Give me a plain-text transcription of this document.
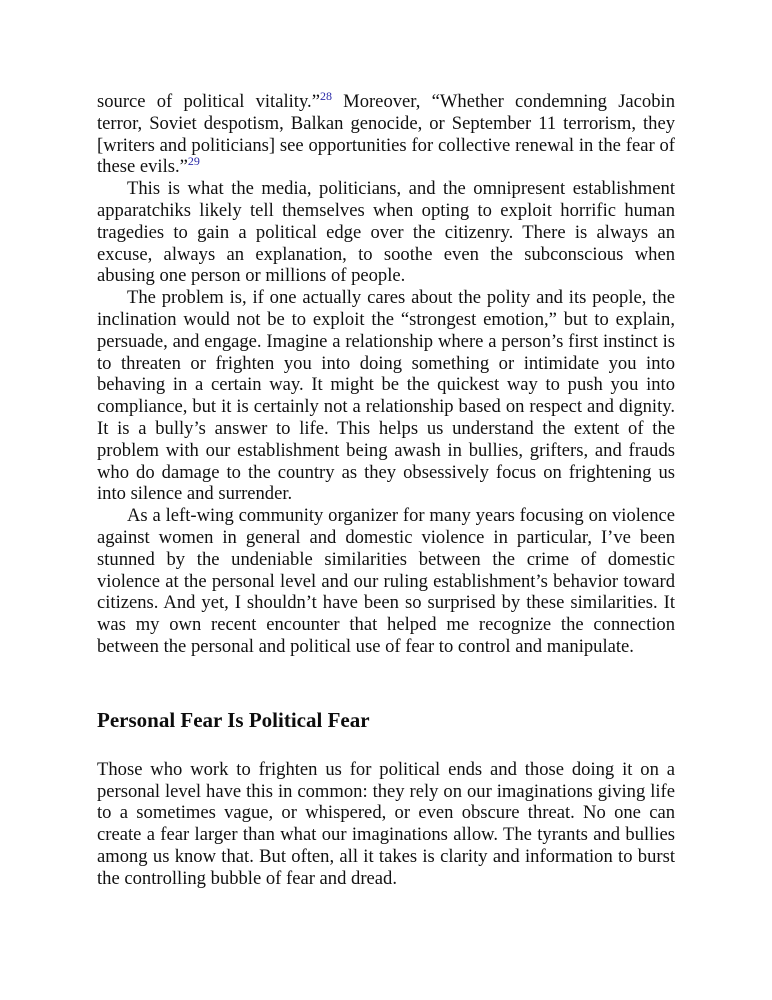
source of political vitality.”$^{28}$ Moreover, “Whether condemning Jacobin terror, Soviet despotism, Balkan genocide, or September 11 terrorism, they [writers and politicians] see opportunities for collective renewal in the fear of these evils.”$^{29}$

This is what the media, politicians, and the omnipresent establishment apparatchiks likely tell themselves when opting to exploit horrific human tragedies to gain a political edge over the citizenry. There is always an excuse, always an explanation, to soothe even the subconscious when abusing one person or millions of people.

The problem is, if one actually cares about the polity and its people, the inclination would not be to exploit the “strongest emotion,” but to explain, persuade, and engage. Imagine a relationship where a person’s first instinct is to threaten or frighten you into doing something or intimidate you into behaving in a certain way. It might be the quickest way to push you into compliance, but it is certainly not a relationship based on respect and dignity. It is a bully’s answer to life. This helps us understand the extent of the problem with our establishment being awash in bullies, grifters, and frauds who do damage to the country as they obsessively focus on frightening us into silence and surrender.

As a left-wing community organizer for many years focusing on violence against women in general and domestic violence in particular, I’ve been stunned by the undeniable similarities between the crime of domestic violence at the personal level and our ruling establishment’s behavior toward citizens. And yet, I shouldn’t have been so surprised by these similarities. It was my own recent encounter that helped me recognize the connection between the personal and political use of fear to control and manipulate.

Personal Fear Is Political Fear

Those who work to frighten us for political ends and those doing it on a personal level have this in common: they rely on our imaginations giving life to a sometimes vague, or whispered, or even obscure threat. No one can create a fear larger than what our imaginations allow. The tyrants and bullies among us know that. But often, all it takes is clarity and information to burst the controlling bubble of fear and dread.
